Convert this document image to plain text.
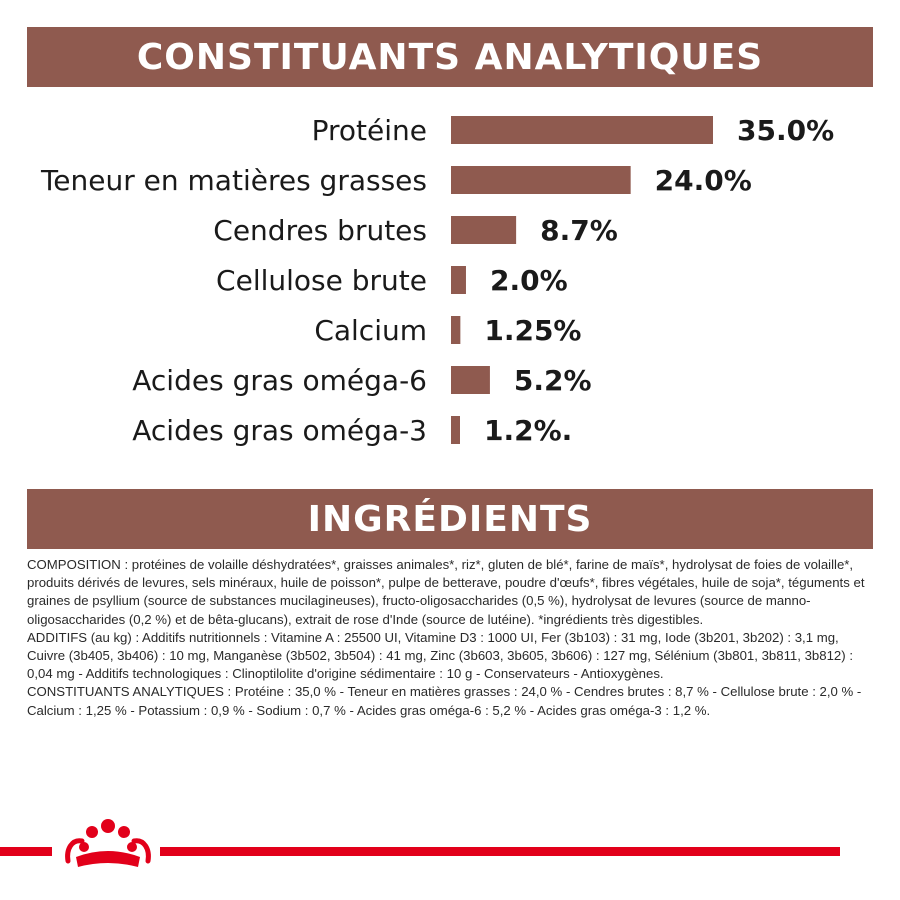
CONSTITUANTS ANALYTIQUES
Protéine	35.0%
Teneur en matières grasses	24.0%
Cendres brutes	8.7%
Cellulose brute 2.0%
Calcium 1.25%
Acides gras oméga-6	5.2%
Acides gras oméga-3 1.2%.
INGRÉDIENTS

COMPOSITION : protéines de volaille déshydratées*, graisses animales*, riz*, gluten de blé*, farine de maïs*, hydrolysat de foies de volaille*, produits dérivés de levures, sels minéraux, huile de poisson*, pulpe de betterave, poudre d'œufs*, fibres végétales, huile de soja*, téguments et graines de psyllium (source de substances mucilagineuses), fructo-oligosaccharides (0,5 %), hydrolysat de levures (source de manno-oligosaccharides (0,2 %) et de bêta-glucans), extrait de rose d'Inde (source de lutéine). *ingrédients très digestibles.

ADDITIFS (au kg) : Additifs nutritionnels : Vitamine A : 25500 UI, Vitamine D3 : 1000 UI, Fer (3b103) : 31 mg, Iode (3b201, 3b202) : 3,1 mg, Cuivre (3b405, 3b406) : 10 mg, Manganèse (3b502, 3b504) : 41 mg, Zinc (3b603, 3b605, 3b606) : 127 mg, Sélénium (3b801, 3b811, 3b812) : 0,04 mg - Additifs technologiques : Clinoptilolite d'origine sédimentaire : 10 g - Conservateurs - Antioxygènes.

CONSTITUANTS ANALYTIQUES : Protéine : 35,0 % - Teneur en matières grasses : 24,0 % - Cendres brutes : 8,7 % - Cellulose brute : 2,0 % - Calcium : 1,25 % - Potassium : 0,9 % - Sodium : 0,7 % - Acides gras oméga-6 : 5,2 % - Acides gras oméga-3 : 1,2 %.
